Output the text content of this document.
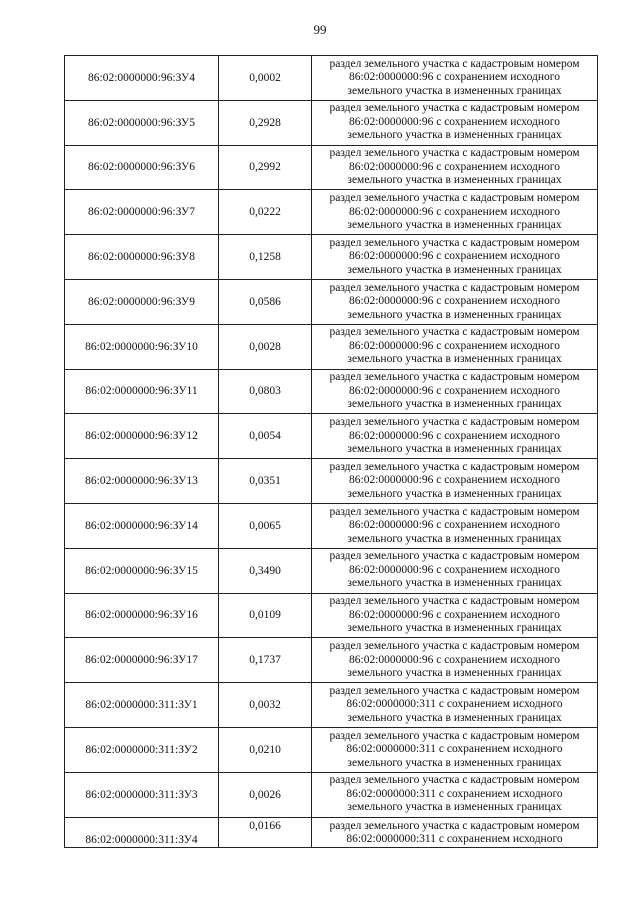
99
86:02:0000000:96:ЗУ4	0,0002	раздел земельного участка с кадастровым номером
86:02:0000000:96 с сохранением исходного
земельного участка в измененных границах

86:02:0000000:96:ЗУ5	0,2928	раздел земельного участка с кадастровым номером
86:02:0000000:96 с сохранением исходного
земельного участка в измененных границах

86:02:0000000:96:ЗУ6	0,2992	раздел земельного участка с кадастровым номером
86:02:0000000:96 с сохранением исходного
земельного участка в измененных границах

86:02:0000000:96:ЗУ7	0,0222	раздел земельного участка с кадастровым номером
86:02:0000000:96 с сохранением исходного
земельного участка в измененных границах

86:02:0000000:96:ЗУ8	0,1258	раздел земельного участка с кадастровым номером
86:02:0000000:96 с сохранением исходного
земельного участка в измененных границах

86:02:0000000:96:ЗУ9	0,0586	раздел земельного участка с кадастровым номером
86:02:0000000:96 с сохранением исходного
земельного участка в измененных границах

86:02:0000000:96:ЗУ10	0,0028	раздел земельного участка с кадастровым номером
86:02:0000000:96 с сохранением исходного
земельного участка в измененных границах

86:02:0000000:96:ЗУ11	0,0803	раздел земельного участка с кадастровым номером
86:02:0000000:96 с сохранением исходного
земельного участка в измененных границах

86:02:0000000:96:ЗУ12	0,0054	раздел земельного участка с кадастровым номером
86:02:0000000:96 с сохранением исходного
земельного участка в измененных границах

86:02:0000000:96:ЗУ13	0,0351	раздел земельного участка с кадастровым номером
86:02:0000000:96 с сохранением исходного
земельного участка в измененных границах

86:02:0000000:96:ЗУ14	0,0065	раздел земельного участка с кадастровым номером
86:02:0000000:96 с сохранением исходного
земельного участка в измененных границах

86:02:0000000:96:ЗУ15	0,3490	раздел земельного участка с кадастровым номером
86:02:0000000:96 с сохранением исходного
земельного участка в измененных границах

86:02:0000000:96:ЗУ16	0,0109	раздел земельного участка с кадастровым номером
86:02:0000000:96 с сохранением исходного
земельного участка в измененных границах

86:02:0000000:96:ЗУ17	0,1737	раздел земельного участка с кадастровым номером
86:02:0000000:96 с сохранением исходного
земельного участка в измененных границах

86:02:0000000:311:ЗУ1	0,0032	раздел земельного участка с кадастровым номером
86:02:0000000:311 с сохранением исходного
земельного участка в измененных границах

86:02:0000000:311:ЗУ2	0,0210	раздел земельного участка с кадастровым номером
86:02:0000000:311 с сохранением исходного
земельного участка в измененных границах

86:02:0000000:311:ЗУ3	0,0026	раздел земельного участка с кадастровым номером
86:02:0000000:311 с сохранением исходного
земельного участка в измененных границах

86:02:0000000:311:ЗУ4	0,0166	раздел земельного участка с кадастровым номером
86:02:0000000:311 с сохранением исходного
